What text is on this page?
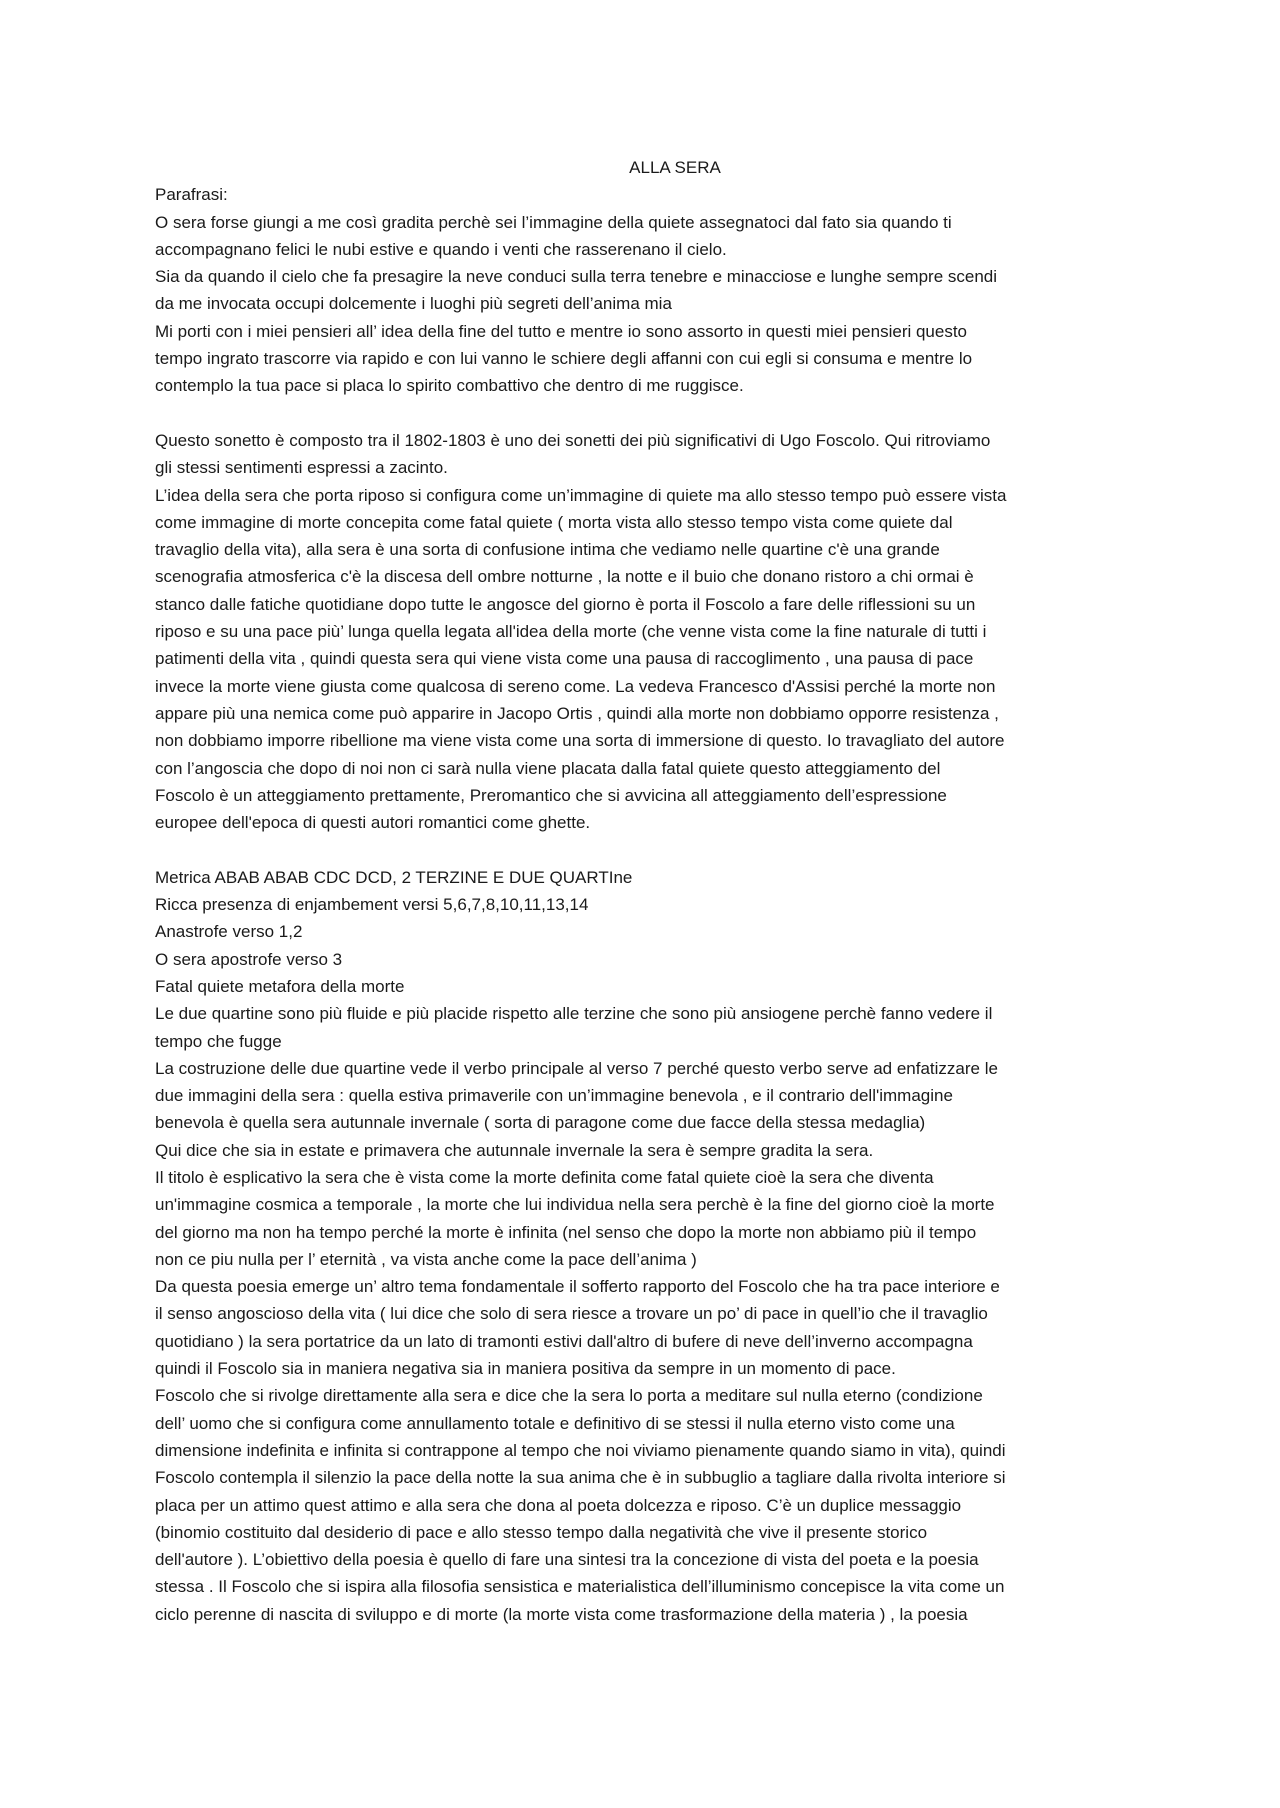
ALLA SERA

Parafrasi:

O sera forse giungi a me così gradita perchè sei l’immagine della quiete assegnatoci dal fato sia quando ti

accompagnano felici le nubi estive e quando i venti che rasserenano il cielo.

Sia da quando il cielo che fa presagire la neve conduci sulla terra tenebre e minacciose e lunghe sempre scendi

da me invocata occupi dolcemente i luoghi più segreti dell’anima mia

Mi porti con i miei pensieri all’ idea della fine del tutto e mentre io sono assorto in questi miei pensieri questo

tempo ingrato trascorre via rapido e con lui vanno le schiere degli affanni con cui egli si consuma e mentre lo

contemplo la tua pace si placa lo spirito combattivo che dentro di me ruggisce.

Questo sonetto è composto tra il 1802-1803 è uno dei sonetti dei più significativi di Ugo Foscolo. Qui ritroviamo

gli stessi sentimenti espressi a zacinto.

L’idea della sera che porta riposo si configura come un’immagine di quiete ma allo stesso tempo può essere vista

come immagine di morte concepita come fatal quiete ( morta vista allo stesso tempo vista come quiete dal

travaglio della vita), alla sera è una sorta di confusione intima che vediamo nelle quartine c'è una grande

scenografia atmosferica c'è la discesa dell ombre notturne , la notte e il buio che donano ristoro a chi ormai è

stanco dalle fatiche quotidiane dopo tutte le angosce del giorno è porta il Foscolo a fare delle riflessioni su un

riposo e su una pace più’ lunga quella legata all'idea della morte (che venne vista come la fine naturale di tutti i

patimenti della vita , quindi questa sera qui viene vista come una pausa di raccoglimento , una pausa di pace

invece la morte viene giusta come qualcosa di sereno come. La vedeva Francesco d'Assisi perché la morte non

appare più una nemica come può apparire in Jacopo Ortis , quindi alla morte non dobbiamo opporre resistenza ,

non dobbiamo imporre ribellione ma viene vista come una sorta di immersione di questo. Io travagliato del autore

con l’angoscia che dopo di noi non ci sarà nulla viene placata dalla fatal quiete questo atteggiamento del

Foscolo è un atteggiamento prettamente, Preromantico che si avvicina all atteggiamento dell’espressione

europee dell'epoca di questi autori romantici come ghette.

Metrica ABAB ABAB CDC DCD, 2 TERZINE E DUE QUARTIne

Ricca presenza di enjambement versi 5,6,7,8,10,11,13,14

Anastrofe verso 1,2

O sera apostrofe verso 3

Fatal quiete metafora della morte

Le due quartine sono più fluide e più placide rispetto alle terzine che sono più ansiogene perchè fanno vedere il

tempo che fugge

La costruzione delle due quartine vede il verbo principale al verso 7 perché questo verbo serve ad enfatizzare le

due immagini della sera : quella estiva primaverile con un’immagine benevola , e il contrario dell'immagine

benevola è quella sera autunnale invernale ( sorta di paragone come due facce della stessa medaglia)

Qui dice che sia in estate e primavera che autunnale invernale la sera è sempre gradita la sera.

Il titolo è esplicativo la sera che è vista come la morte definita come fatal quiete cioè la sera che diventa

un'immagine cosmica a temporale , la morte che lui individua nella sera perchè è la fine del giorno cioè la morte

del giorno ma non ha tempo perché la morte è infinita (nel senso che dopo la morte non abbiamo più il tempo

non ce piu nulla per l’ eternità , va vista anche come la pace dell’anima )

Da questa poesia emerge un’ altro tema fondamentale il sofferto rapporto del Foscolo che ha tra pace interiore e

il senso angoscioso della vita ( lui dice che solo di sera riesce a trovare un po’ di pace in quell’io che il travaglio

quotidiano ) la sera portatrice da un lato di tramonti estivi dall'altro di bufere di neve dell’inverno accompagna

quindi il Foscolo sia in maniera negativa sia in maniera positiva da sempre in un momento di pace.

Foscolo che si rivolge direttamente alla sera e dice che la sera lo porta a meditare sul nulla eterno (condizione

dell’ uomo che si configura come annullamento totale e definitivo di se stessi il nulla eterno visto come una

dimensione indefinita e infinita si contrappone al tempo che noi viviamo pienamente quando siamo in vita), quindi

Foscolo contempla il silenzio la pace della notte la sua anima che è in subbuglio a tagliare dalla rivolta interiore si

placa per un attimo quest attimo e alla sera che dona al poeta dolcezza e riposo. C’è un duplice messaggio

(binomio costituito dal desiderio di pace e allo stesso tempo dalla negatività che vive il presente storico

dell'autore ). L’obiettivo della poesia è quello di fare una sintesi tra la concezione di vista del poeta e la poesia

stessa . Il Foscolo che si ispira alla filosofia sensistica e materialistica dell’illuminismo concepisce la vita come un

ciclo perenne di nascita di sviluppo e di morte (la morte vista come trasformazione della materia ) , la poesia
